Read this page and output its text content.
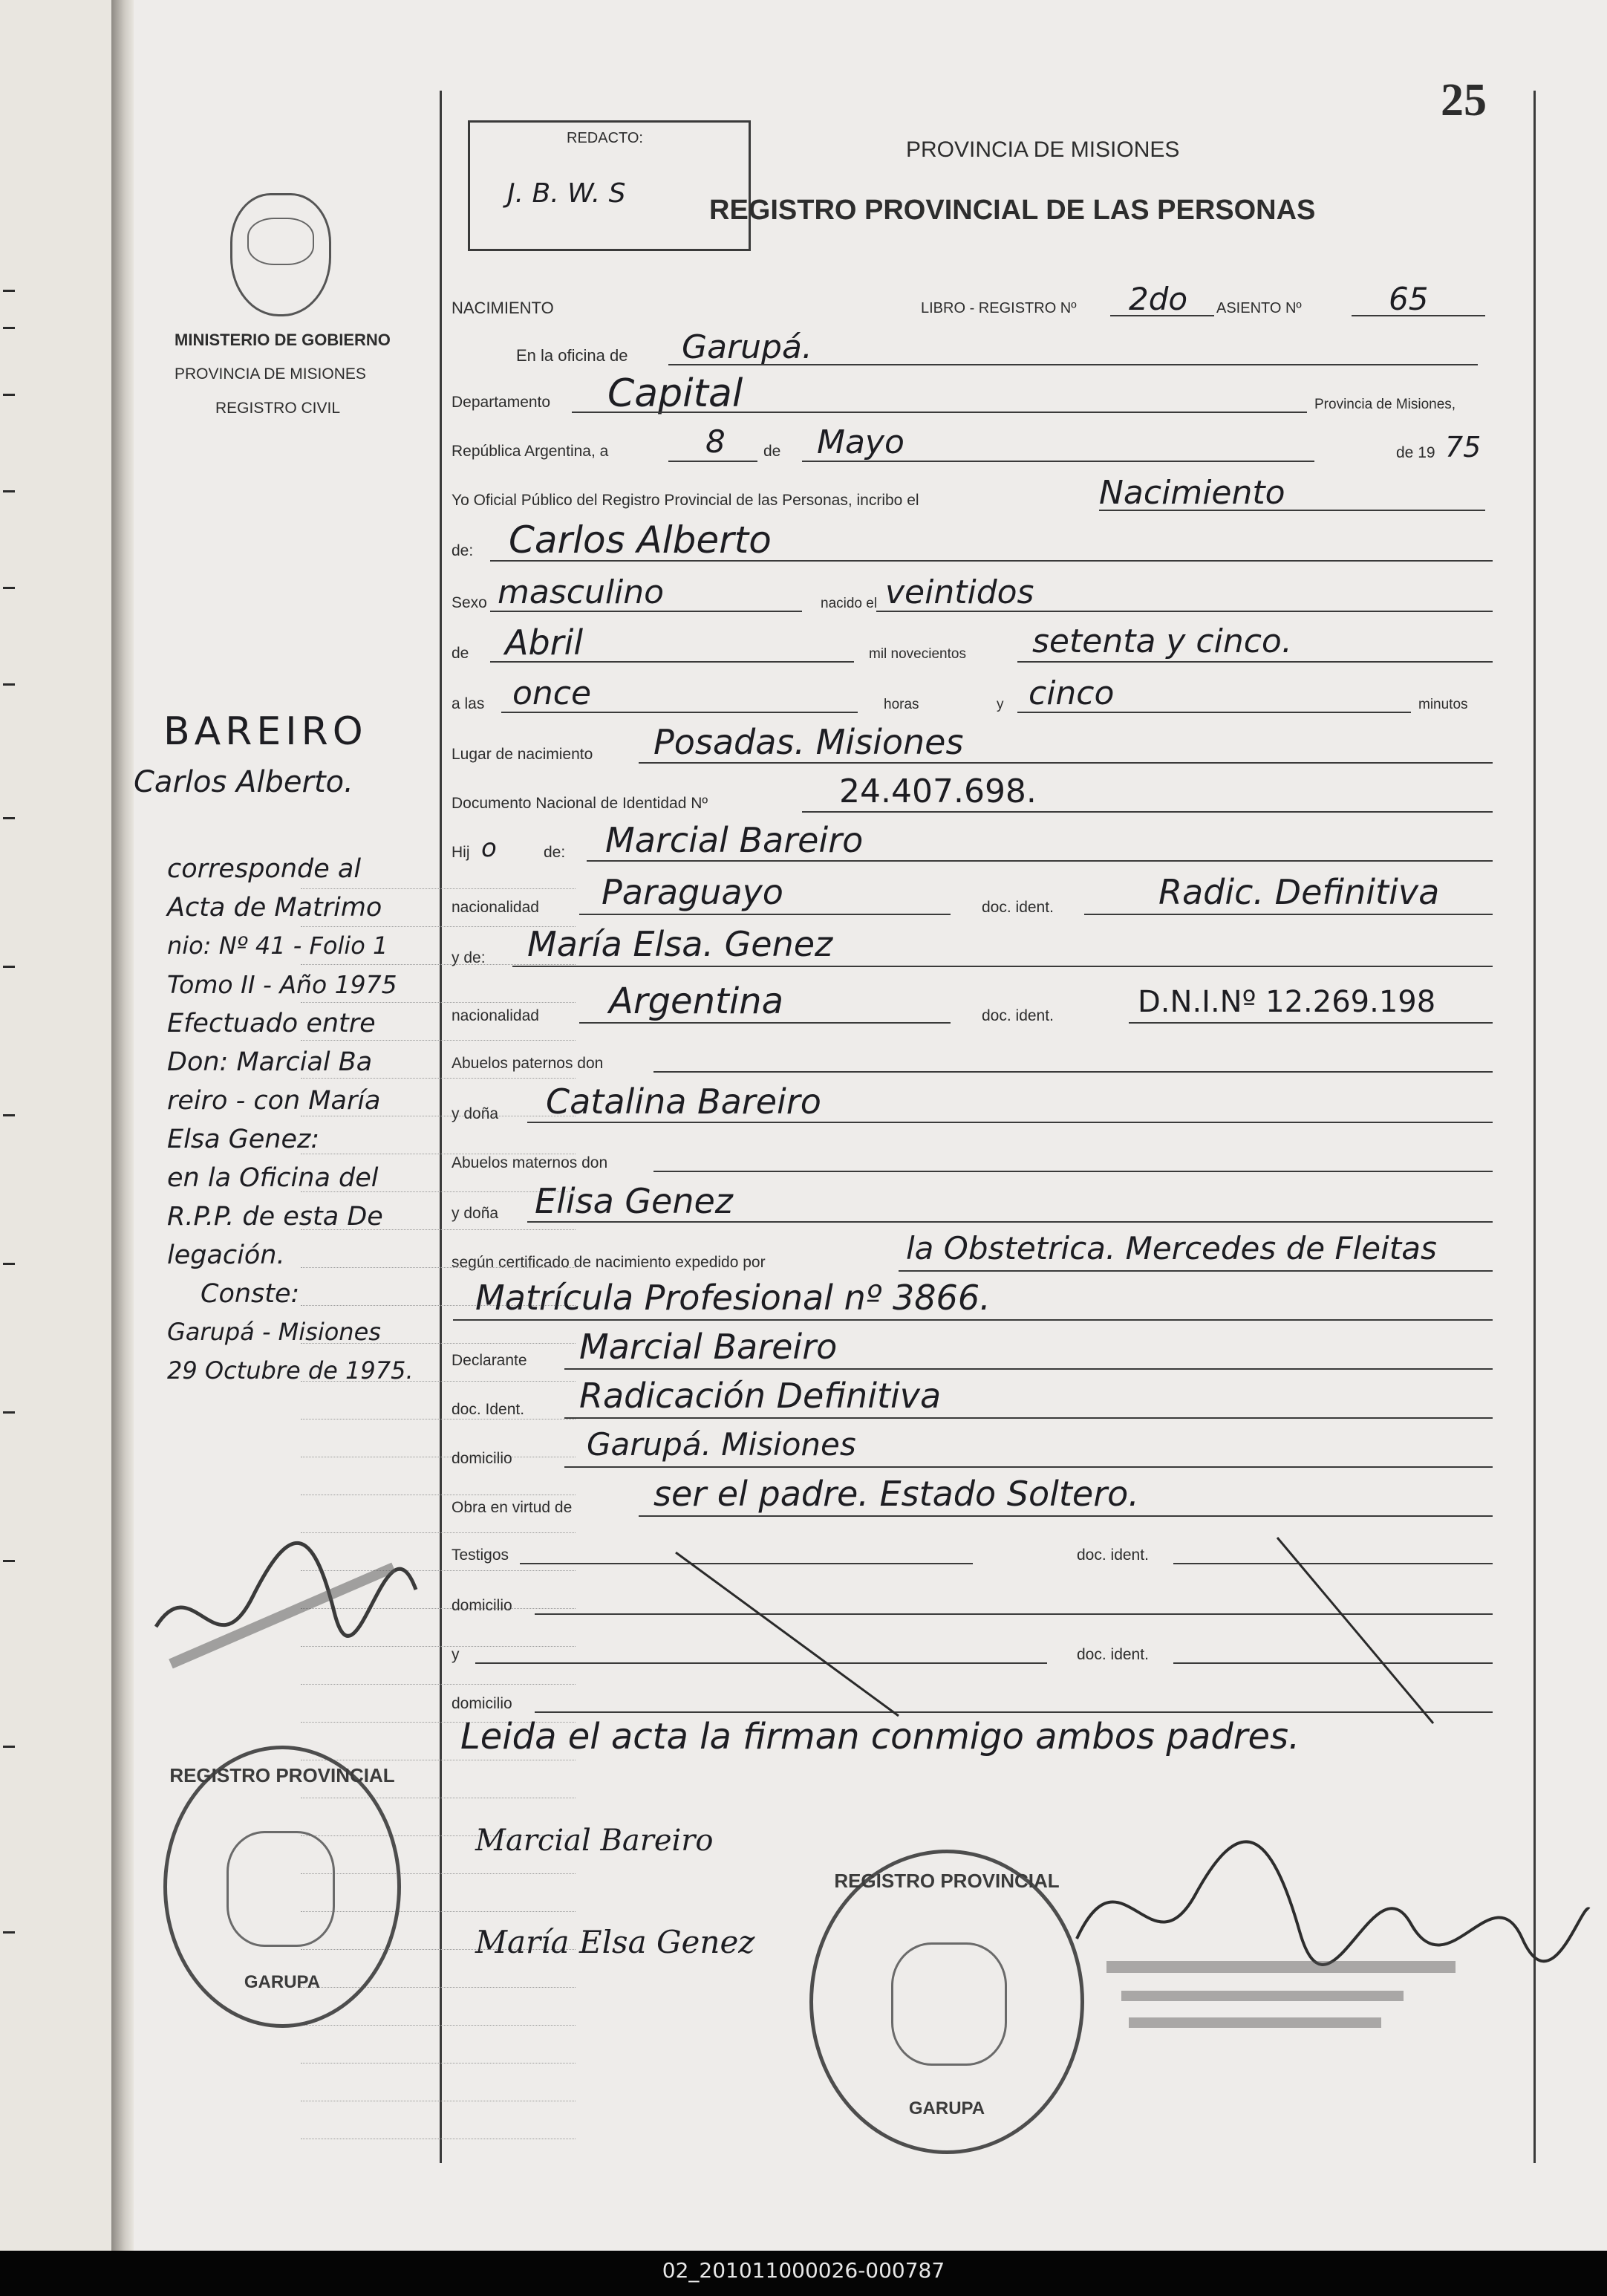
25
REDACTO:
J. B. W. S
PROVINCIA DE MISIONES
REGISTRO PROVINCIAL DE LAS PERSONAS
MINISTERIO DE GOBIERNO
PROVINCIA DE MISIONES
REGISTRO CIVIL
BAREIRO
Carlos Alberto.
corresponde al
Acta de Matrimo
nio: Nº 41 - Folio 1
Tomo II - Año 1975
Efectuado entre
Don: Marcial Ba
reiro - con María
Elsa Genez:
en la Oficina del
R.P.P. de esta De
legación.
Conste:
Garupá - Misiones
29 Octubre de 1975.
REGISTRO PROVINCIAL
GARUPA
NACIMIENTO	LIBRO - REGISTRO Nº 2do ASIENTO Nº	65
En la oficina de Garupá.
Departamento Capital	Provincia de Misiones,
República Argentina, a	8 de Mayo	de 19 75
Yo Oficial Público del Registro Provincial de las Personas, incribo el	Nacimiento
de: Carlos Alberto
Sexo masculino	nacido el veintidos
de Abril	mil novecientos setenta y cinco.
a las once	horas	y cinco	minutos
Lugar de nacimiento Posadas. Misiones
Documento Nacional de Identidad Nº	24.407.698.
Hij o	de: Marcial Bareiro
nacionalidad Paraguayo	doc. ident.	Radic. Definitiva
y de: María Elsa. Genez
nacionalidad Argentina	doc. ident.	D.N.I.Nº 12.269.198
Abuelos paternos don
y doña Catalina Bareiro
Abuelos maternos don
y doña Elisa Genez
según certificado de nacimiento expedido por	la Obstetrica. Mercedes de Fleitas
Matrícula Profesional nº 3866.
Declarante Marcial Bareiro
doc. Ident. Radicación Definitiva
domicilio Garupá. Misiones
Obra en virtud de ser el padre. Estado Soltero.
Testigos	doc. ident.
domicilio
y	doc. ident.
domicilio
Leida el acta la firman conmigo ambos padres.
Marcial Bareiro
María Elsa Genez
REGISTRO PROVINCIAL
GARUPA
02_201011000026-000787
